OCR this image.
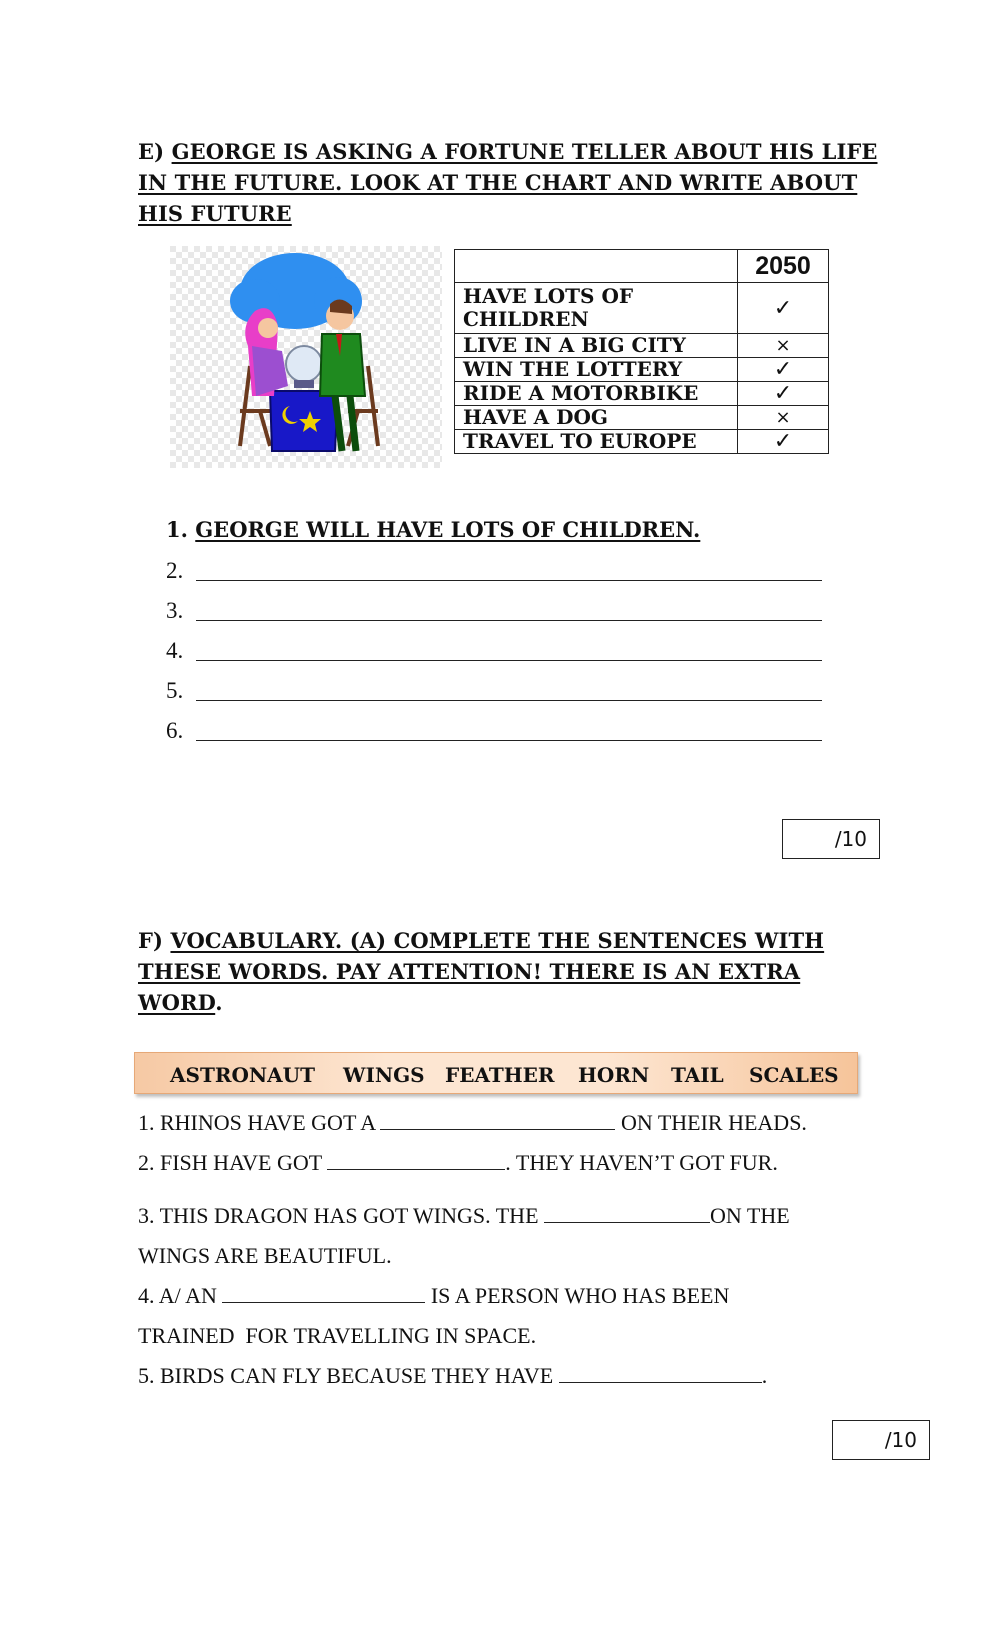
E) GEORGE IS ASKING A FORTUNE TELLER ABOUT HIS LIFE IN THE FUTURE. LOOK AT THE CHART AND WRITE ABOUT HIS FUTURE
	2050
HAVE LOTS OF CHILDREN	✓
LIVE IN A BIG CITY	×
WIN THE LOTTERY	✓
RIDE A MOTORBIKE	✓
HAVE A DOG	×
TRAVEL TO EUROPE	✓
1. GEORGE WILL HAVE LOTS OF CHILDREN.
2.
3.
4.
5.
6.
/10
F) VOCABULARY. (A) COMPLETE THE SENTENCES WITH THESE WORDS. PAY ATTENTION! THERE IS AN EXTRA WORD.
ASTRONAUT WINGS FEATHER HORN TAIL SCALES
1. RHINOS HAVE GOT A	ON THEIR HEADS.
2. FISH HAVE GOT	. THEY HAVEN’T GOT FUR.
3. THIS DRAGON HAS GOT WINGS. THE	ON THE
WINGS ARE BEAUTIFUL.
4. A/ AN	IS A PERSON WHO HAS BEEN
TRAINED  FOR TRAVELLING IN SPACE.
5. BIRDS CAN FLY BECAUSE THEY HAVE	.
/10
